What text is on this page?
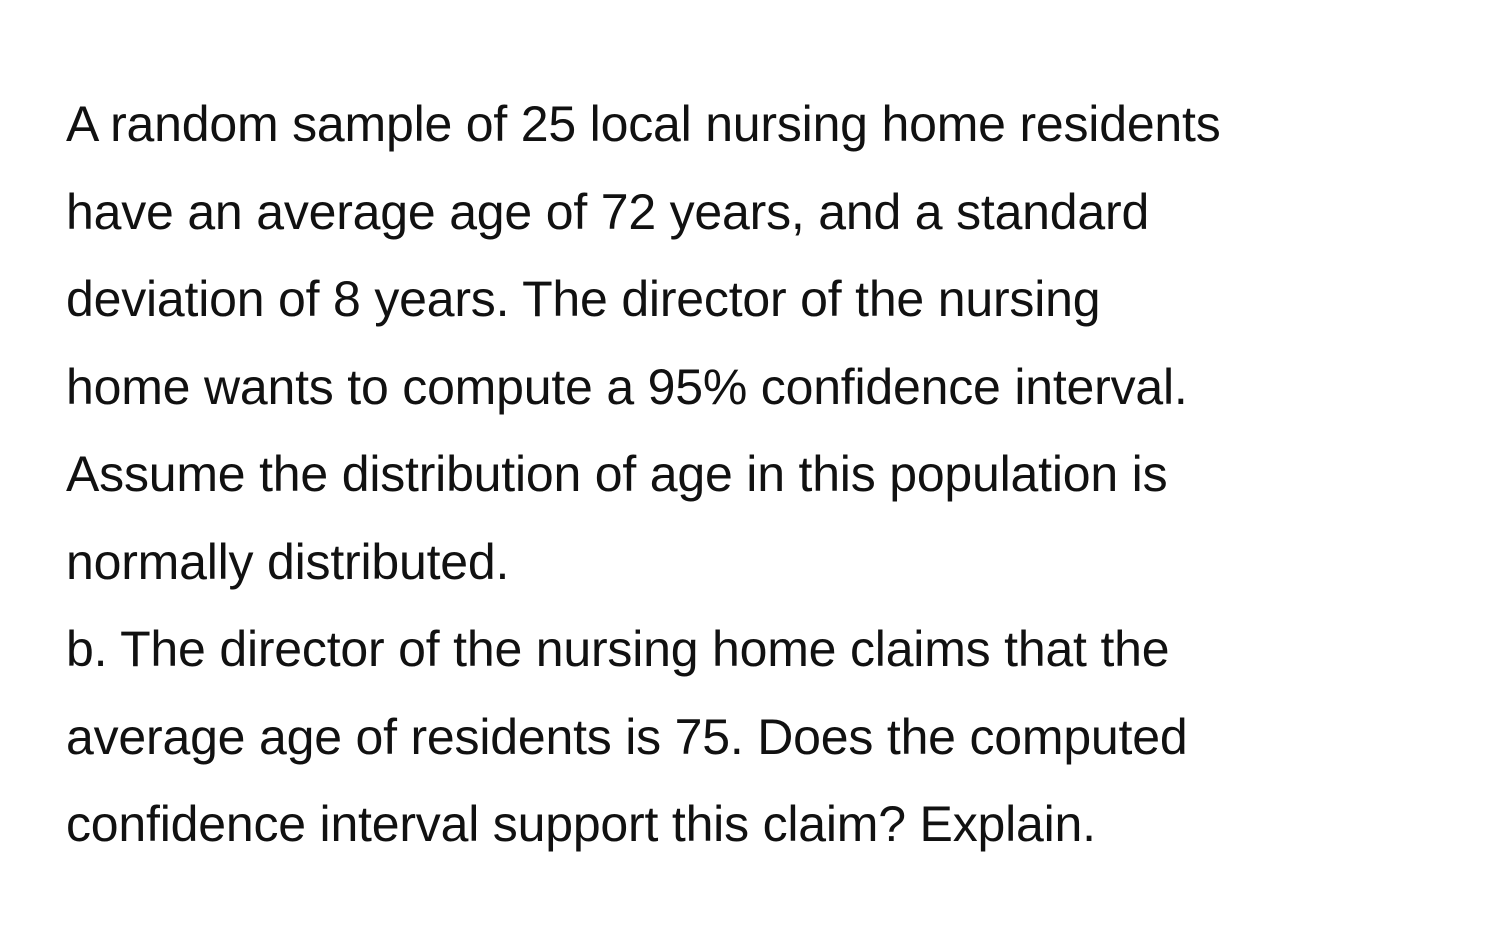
A random sample of 25 local nursing home residents
have an average age of 72 years, and a standard
deviation of 8 years. The director of the nursing
home wants to compute a 95% confidence interval.
Assume the distribution of age in this population is
normally distributed.
b. The director of the nursing home claims that the
average age of residents is 75. Does the computed
confidence interval support this claim? Explain.
